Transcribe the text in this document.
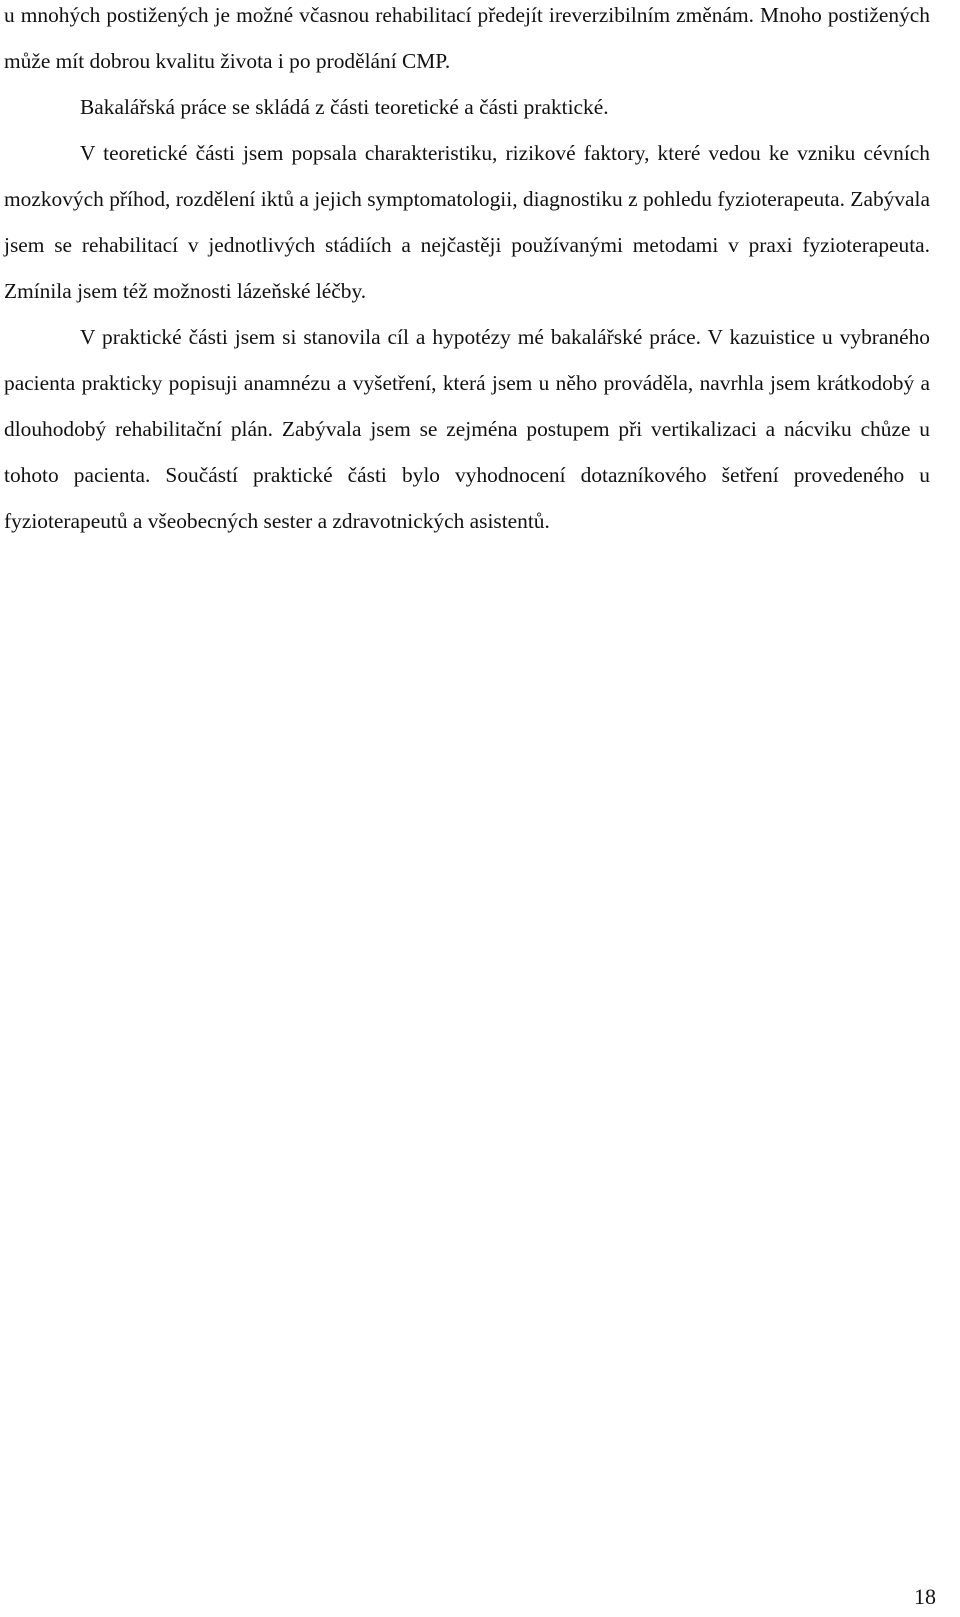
u mnohých postižených je možné včasnou rehabilitací předejít ireverzibilním změnám. Mnoho postižených může mít dobrou kvalitu života i po prodělání CMP.

Bakalářská práce se skládá z části teoretické a části praktické.

V teoretické části jsem popsala charakteristiku, rizikové faktory, které vedou ke vzniku cévních mozkových příhod, rozdělení iktů a jejich symptomatologii, diagnostiku z pohledu fyzioterapeuta. Zabývala jsem se rehabilitací v jednotlivých stádiích a nejčastěji používanými metodami v praxi fyzioterapeuta. Zmínila jsem též možnosti lázeňské léčby.

V praktické části jsem si stanovila cíl a hypotézy mé bakalářské práce. V kazuistice u vybraného pacienta prakticky popisuji anamnézu a vyšetření, která jsem u něho prováděla, navrhla jsem krátkodobý a dlouhodobý rehabilitační plán. Zabývala jsem se zejména postupem při vertikalizaci a nácviku chůze u tohoto pacienta. Součástí praktické části bylo vyhodnocení dotazníkového šetření provedeného u fyzioterapeutů a všeobecných sester a zdravotnických asistentů.

18
